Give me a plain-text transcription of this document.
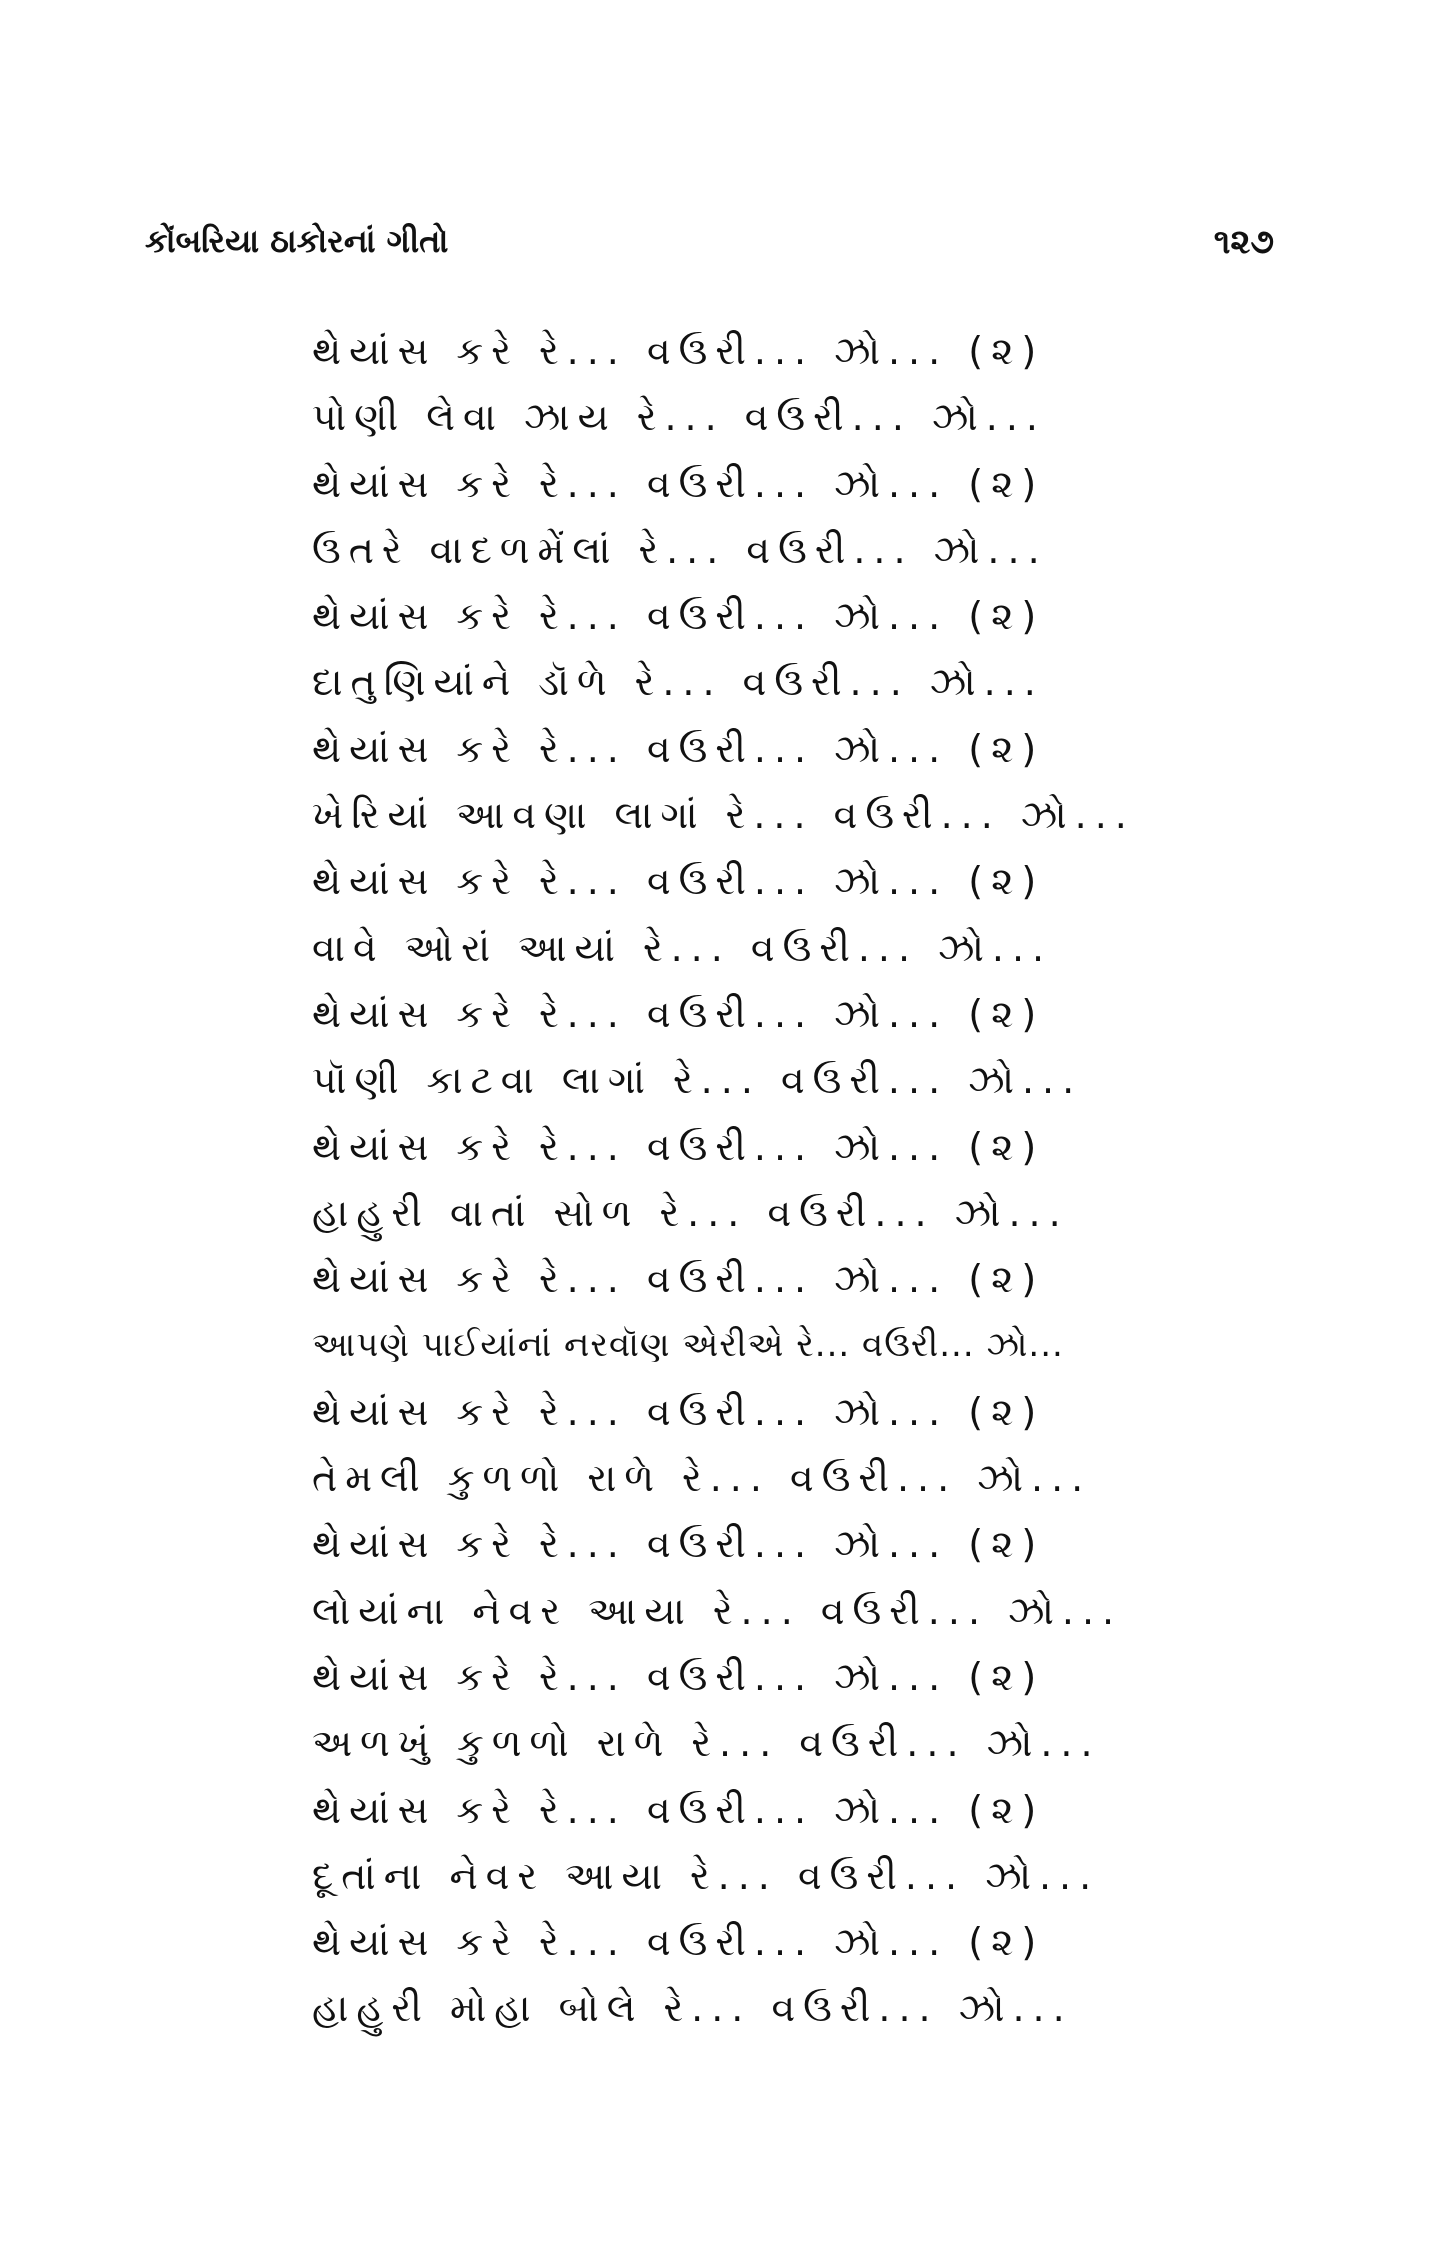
કોંબરિયા ઠાકોરનાં ગીતો	૧૨૭
થેયાંસ કરે રે... વઉરી... ઝો... (૨)
પોણી લેવા ઝાય રે... વઉરી... ઝો...
થેયાંસ કરે રે... વઉરી... ઝો... (૨)
ઉતરે વાદળમેંલાં રે... વઉરી... ઝો...
થેયાંસ કરે રે... વઉરી... ઝો... (૨)
દાતુણિયાંને ડૉળે રે... વઉરી... ઝો...
થેયાંસ કરે રે... વઉરી... ઝો... (૨)
ખેરિયાં આવણા લાગાં રે... વઉરી... ઝો...
થેયાંસ કરે રે... વઉરી... ઝો... (૨)
વાવે ઓરાં આયાં રે... વઉરી... ઝો...
થેયાંસ કરે રે... વઉરી... ઝો... (૨)
પૉણી કાટવા લાગાં રે... વઉરી... ઝો...
થેયાંસ કરે રે... વઉરી... ઝો... (૨)
હાહુરી વાતાં સોળ રે... વઉરી... ઝો...
થેયાંસ કરે રે... વઉરી... ઝો... (૨)
આપણે પાઈયાંનાં નરવૉણ એરીએ રે... વઉરી... ઝો...
થેયાંસ કરે રે... વઉરી... ઝો... (૨)
તેમલી કુળળો રાળે રે... વઉરી... ઝો...
થેયાંસ કરે રે... વઉરી... ઝો... (૨)
લોયાંના નેવર આયા રે... વઉરી... ઝો...
થેયાંસ કરે રે... વઉરી... ઝો... (૨)
અળખું કુળળો રાળે રે... વઉરી... ઝો...
થેયાંસ કરે રે... વઉરી... ઝો... (૨)
દૂતાંના નેવર આયા રે... વઉરી... ઝો...
થેયાંસ કરે રે... વઉરી... ઝો... (૨)
હાહુરી મોહા બોલે રે... વઉરી... ઝો...
